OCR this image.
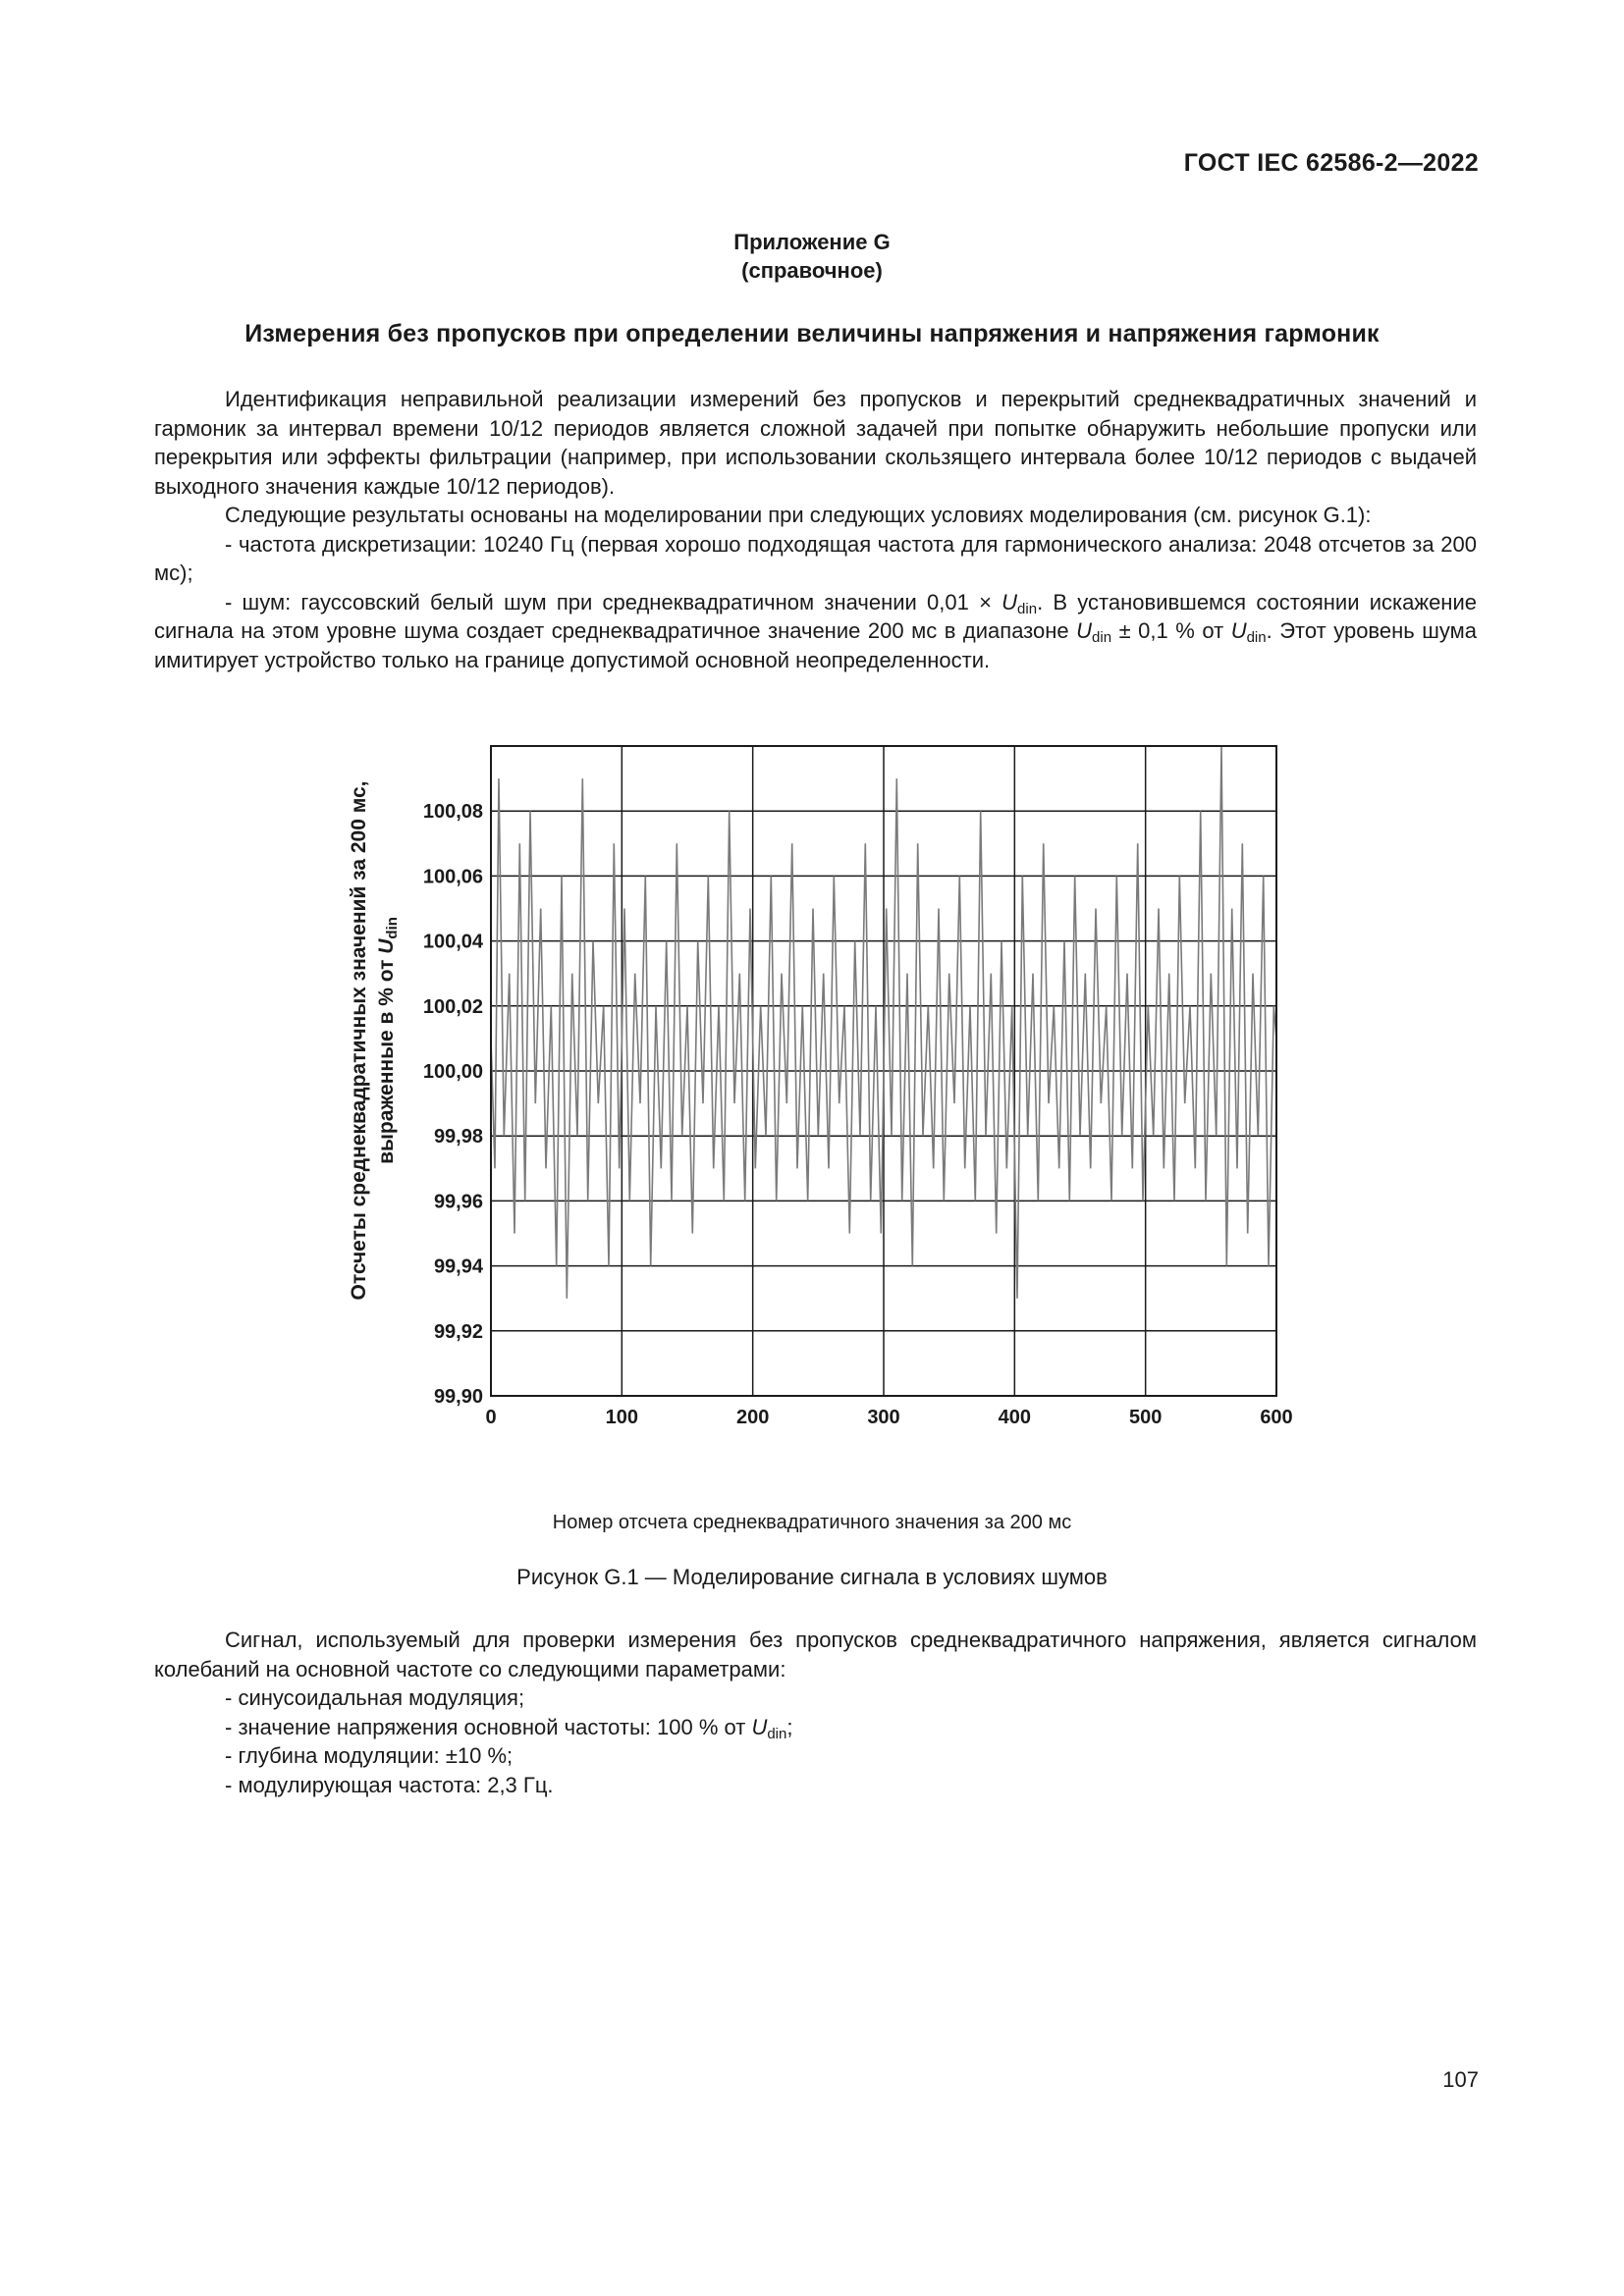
ГОСТ IEC 62586-2—2022
Приложение G
(справочное)
Измерения без пропусков при определении величины напряжения и напряжения гармоник

Идентификация неправильной реализации измерений без пропусков и перекрытий среднеквадратичных значений и гармоник за интервал времени 10/12 периодов является сложной задачей при попытке обнаружить небольшие пропуски или перекрытия или эффекты фильтрации (например, при использовании скользящего интервала более 10/12 периодов с выдачей выходного значения каждые 10/12 периодов).

Следующие результаты основаны на моделировании при следующих условиях моделирования (см. рисунок G.1):

- частота дискретизации: 10240 Гц (первая хорошо подходящая частота для гармонического анализа: 2048 отсчетов за 200 мс);

- шум: гауссовский белый шум при среднеквадратичном значении $0,01 \times U_{din}$. В установившемся состоянии искажение сигнала на этом уровне шума создает среднеквадратичное значение 200 мс в диапазоне $U_{din} \pm 0,1$ % от $U_{din}$. Этот уровень шума имитирует устройство только на границе допустимой основной неопределенности.

99,90
99,92
99,94
99,96
99,98
100,00
100,02
100,04
100,06
100,08
0	100	200	300	400	500	600
Отсчеты среднеквадратичных значений за 200 мс, выраженные в % от $U_{din}$
Номер отсчета среднеквадратичного значения за 200 мс
Рисунок G.1 — Моделирование сигнала в условиях шумов

Сигнал, используемый для проверки измерения без пропусков среднеквадратичного напряжения, является сигналом колебаний на основной частоте со следующими параметрами:

- синусоидальная модуляция;
- значение напряжения основной частоты: 100 % от $U_{din}$;
- глубина модуляции: ±10 %;
- модулирующая частота: 2,3 Гц.
107
